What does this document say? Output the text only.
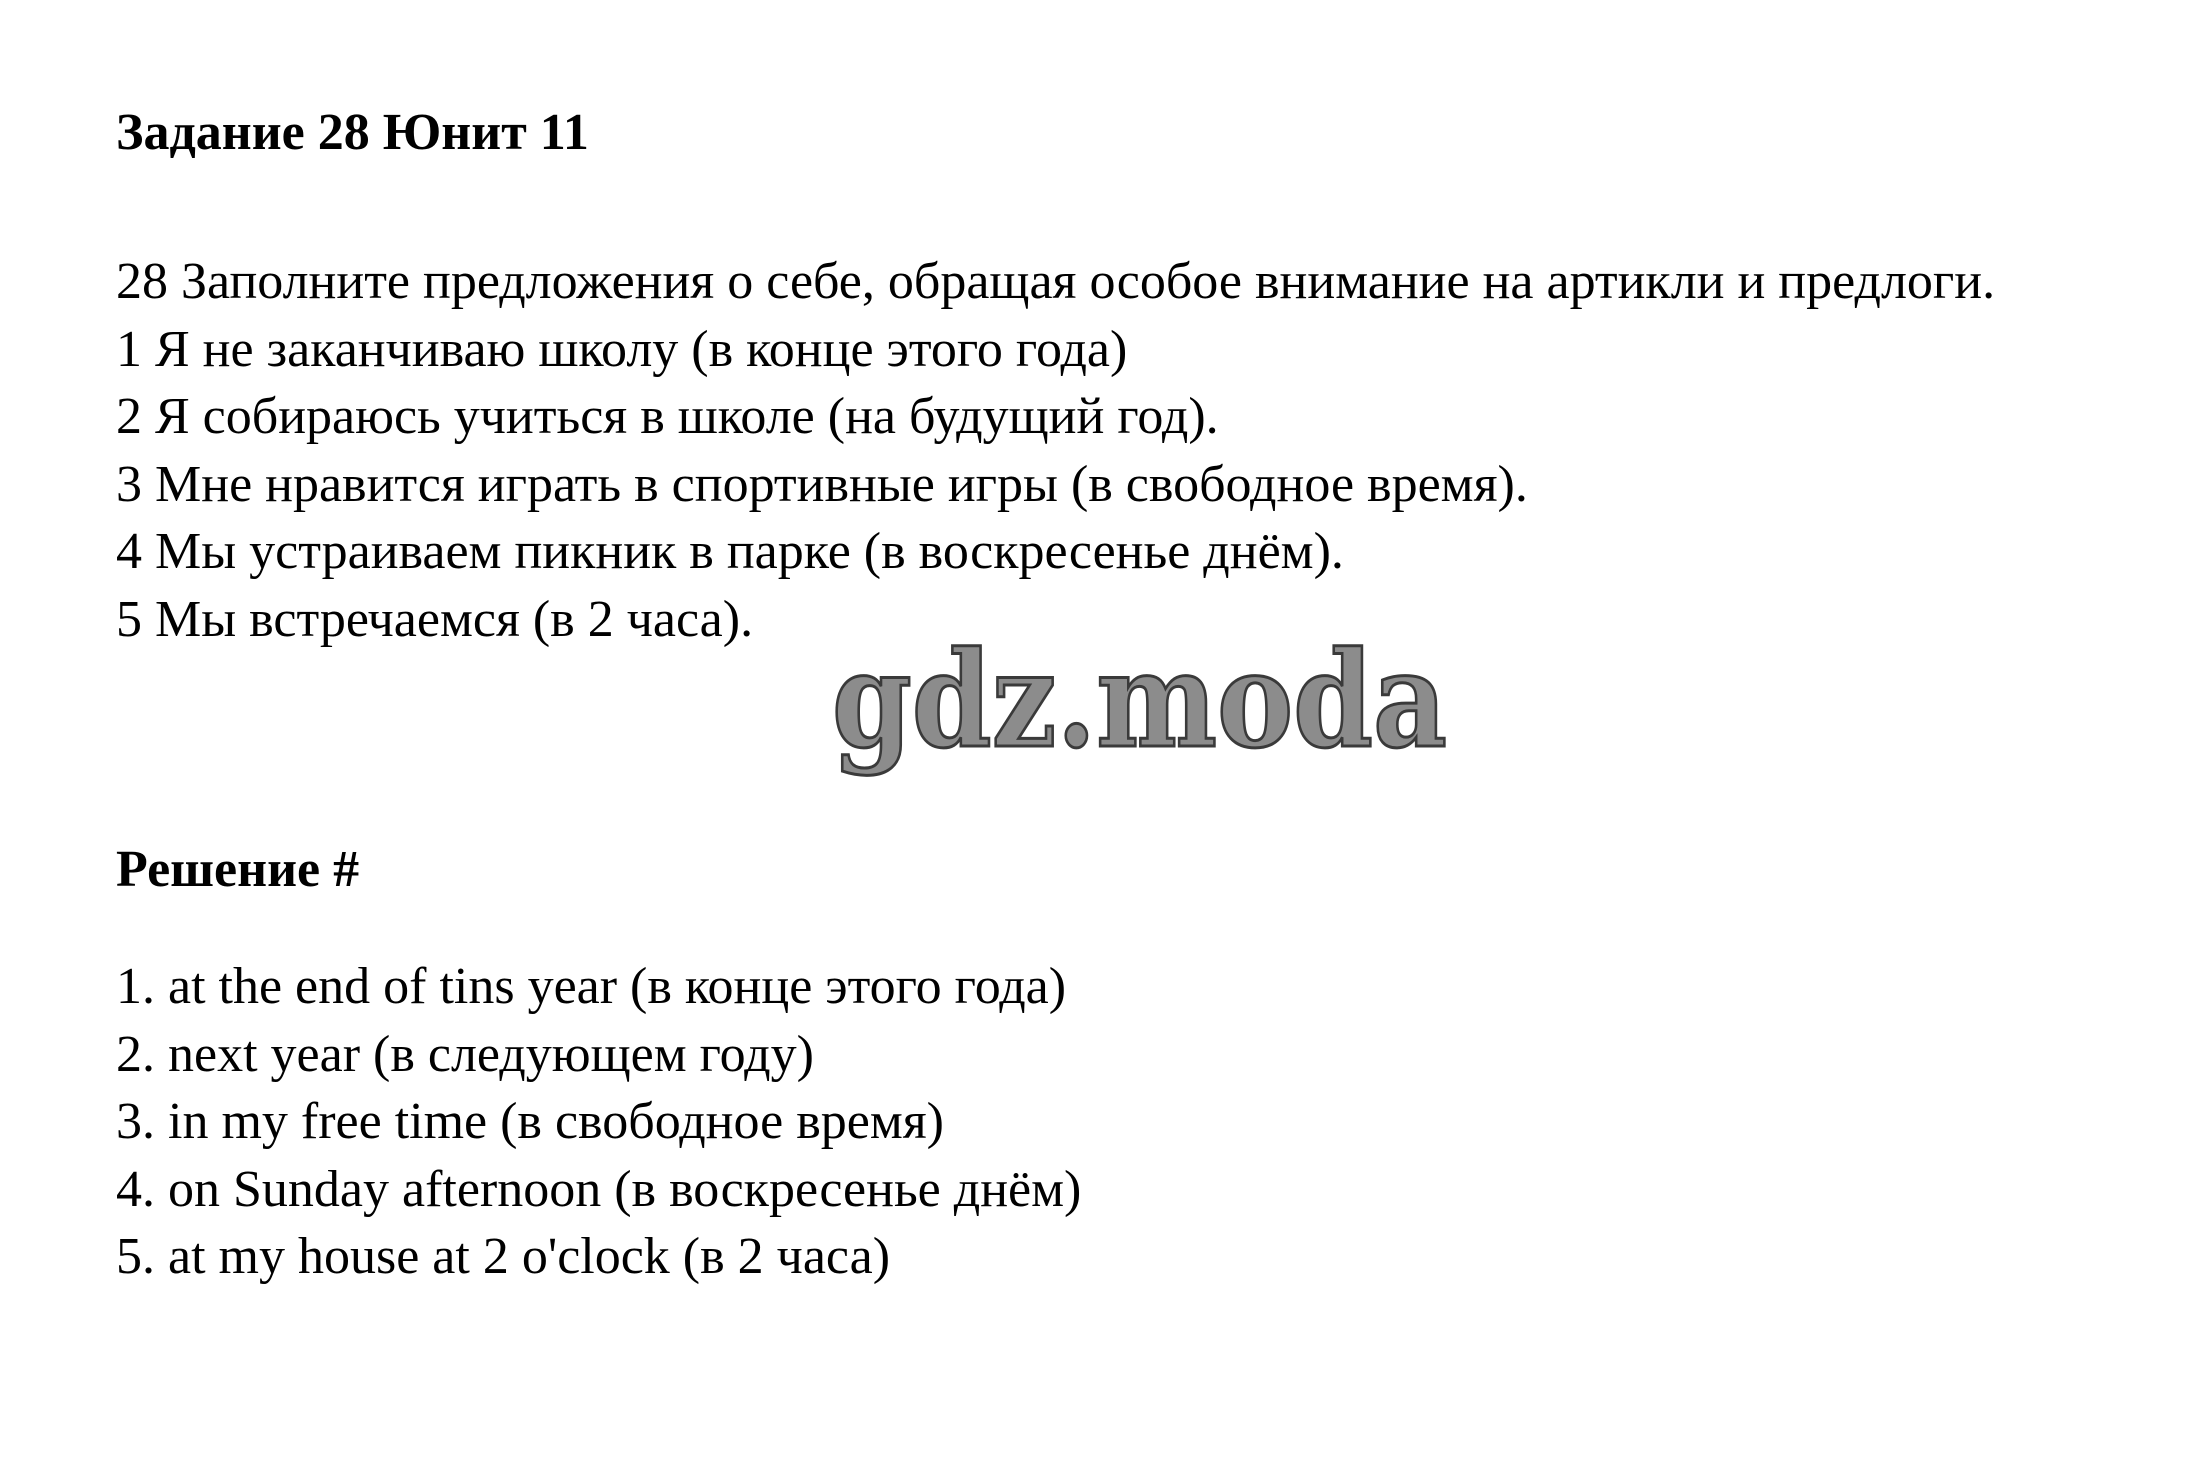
Задание 28 Юнит 11

28 Заполните предложения о себе, обращая особое внимание на артикли и предлоги.

1 Я не заканчиваю школу (в конце этого года)

2 Я собираюсь учиться в школе (на будущий год).

3 Мне нравится играть в спортивные игры (в свободное время).

4 Мы устраиваем пикник в парке (в воскресенье днём).

5 Мы встречаемся (в 2 часа).

Решение #

1. at the end of tins year (в конце этого года)

2. next year (в следующем году)

3. in my free time (в свободное время)

4. on Sunday afternoon (в воскресенье днём)

5. at my house at 2 o'clock (в 2 часа)

gdz.moda
